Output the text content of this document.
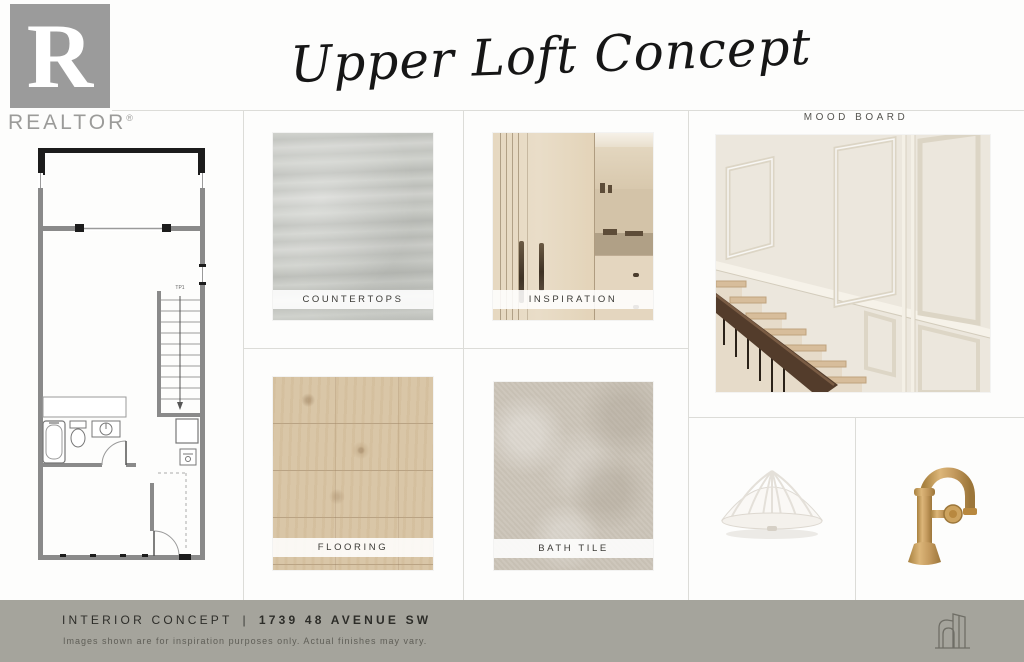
R
REALTOR®
Upper Loft Concept
TP1
COUNTERTOPS	INSPIRATION
FLOORING	BATH TILE
MOOD BOARD
INTERIOR CONCEPT | 1739 48 AVENUE SW
Images shown are for inspiration purposes only. Actual finishes may vary.
